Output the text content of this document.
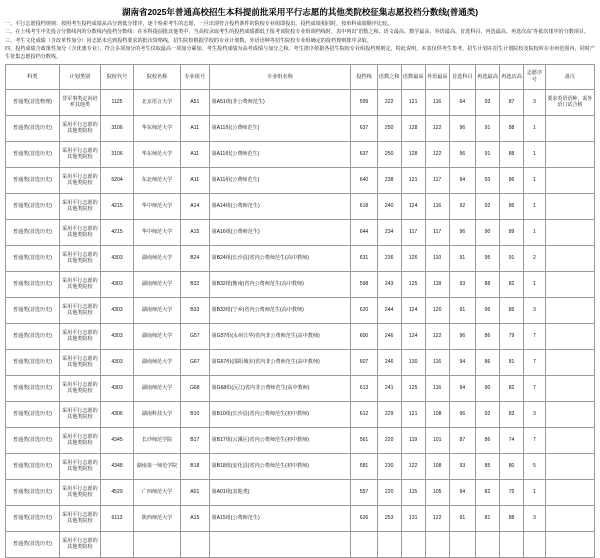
湖南省2025年普通高校招生本科提前批采用平行志愿的其他类院校征集志愿投档分数线(普通类)

一、平行志愿投档规则：按照考生投档成绩从高分到低分排序，逐个检索考生的志愿，一旦出现符合投档条件的院校专业组即投出。投档成绩相同时，按单科成绩顺序比较。

二、在上线考生中先投合分数线内的分数线内投档分数线：在本科提前批其他类中，当高校录取考生的投档成绩都低于报考该院校专业组调档线时，表中列出“语数之和、语文最高、数学最高、外语最高、首选科目、再选最高、再选次高”等依次排序的分数项目。

三、考生文化成绩（含改革性加分）因志愿未达到投档要求的批次资格线，招生院校根据学校的专业计划数，外语语种等招生院校专业组确定的投档规则排序录取。

四、投档成绩含政策性加分（含优惠专业），符合多项加分的考生仅取最高一项加分累加，考生投档成绩为高考成绩与加分之和。考生排序依据各招生院校专业组投档规则定，特此说明。本表仅供考生参考，招生计划在招生计划院校及院校所在市州范围内，同时产生征集志愿投档分数线。

科类	计划类别	院校代号	院校名称	专业组号	专业组名称	投档线	语数之和	语数最高	外语最高	首选科目	再选最高	再选次高	志愿序号	备注
普通类(首选物理)	非军事类定向培养其他类	1125	北京语言大学	A51	第A51组(非公费师范生)	599	222	121	116	64	93	87	3	要求英语语种，需外语口试合格
普通类(首选历史)	采用平行志愿的其他类院校	3106	华东师范大学	A11	第A11组(公费师范生)	637	250	128	122	96	91	88	1	
普通类(首选历史)	采用平行志愿的其他类院校	3106	华东师范大学	A11	第A11组(公费师范生)	637	250	128	122	96	91	88	1	
普通类(首选历史)	采用平行志愿的其他类院校	5204	东北师范大学	A11	第A11组(公费师范生)	640	238	121	117	94	93	86	1	
普通类(首选历史)	采用平行志愿的其他类院校	4215	华中师范大学	A14	第A14组(公费师范生)	618	240	124	116	92	92	86	1	
普通类(首选历史)	采用平行志愿的其他类院校	4215	华中师范大学	A15	第A16组(公费师范生)	644	234	117	117	96	90	89	1	
普通类(首选历史)	采用平行志愿的其他类院校	4303	湖南师范大学	B24	第B24组(长沙县)省内公费师范生(高中教师)	631	236	126	110	91	95	91	2	
普通类(首选历史)	采用平行志愿的其他类院校	4303	湖南师范大学	B32	第B32组(衡南)省内公费师范生(高中教师)	598	243	125	118	93	88	82	1	
普通类(首选历史)	采用平行志愿的其他类院校	4303	湖南师范大学	B33	第B33组(宁乡)省内公费师范生(高中教师)	620	244	124	120	91	96	85	3	
普通类(首选历史)	采用平行志愿的其他类院校	4303	湖南师范大学	G57	第G57组(永州江华)省内非公费师范生(高中教师)	600	246	124	122	96	86	79	7	
普通类(首选历史)	采用平行志愿的其他类院校	4303	湖南师范大学	G67	第G67组(邵阳城步)省内非公费师范生(高中教师)	607	246	130	116	94	86	81	7	
普通类(首选历史)	采用平行志愿的其他类院校	4303	湖南师范大学	G68	第G68组(沅江)省内非公费师范生(高中教师)	613	241	125	116	94	90	82	7	
普通类(首选历史)	采用平行志愿的其他类院校	4306	湖南科技大学	B10	第B10组(长沙县)省内公费师范生(初中教师)	612	229	121	108	96	92	83	3	
普通类(首选历史)	采用平行志愿的其他类院校	4345	长沙师范学院	B17	第B17组(云溪区)省内公费师范生(初中教师)	561	220	119	101	87	86	74	7	
普通类(首选历史)	采用平行志愿的其他类院校	4348	湖南第一师范学院	B18	第B18组(安化县)省内公费师范生(初中教师)	581	230	122	108	93	85	80	5	
普通类(首选历史)	采用平行志愿的其他类院校	4529	广西师范大学	A01	第A01组(其他类)	557	220	115	105	94	82	75	1	
普通类(首选历史)	采用平行志愿的其他类院校	6113	陕西师范大学	A15	第A15组(公费师范生)	626	253	131	122	91	81	88	3	
普通类(首选历史)	采用平行志愿的其他类院校													
